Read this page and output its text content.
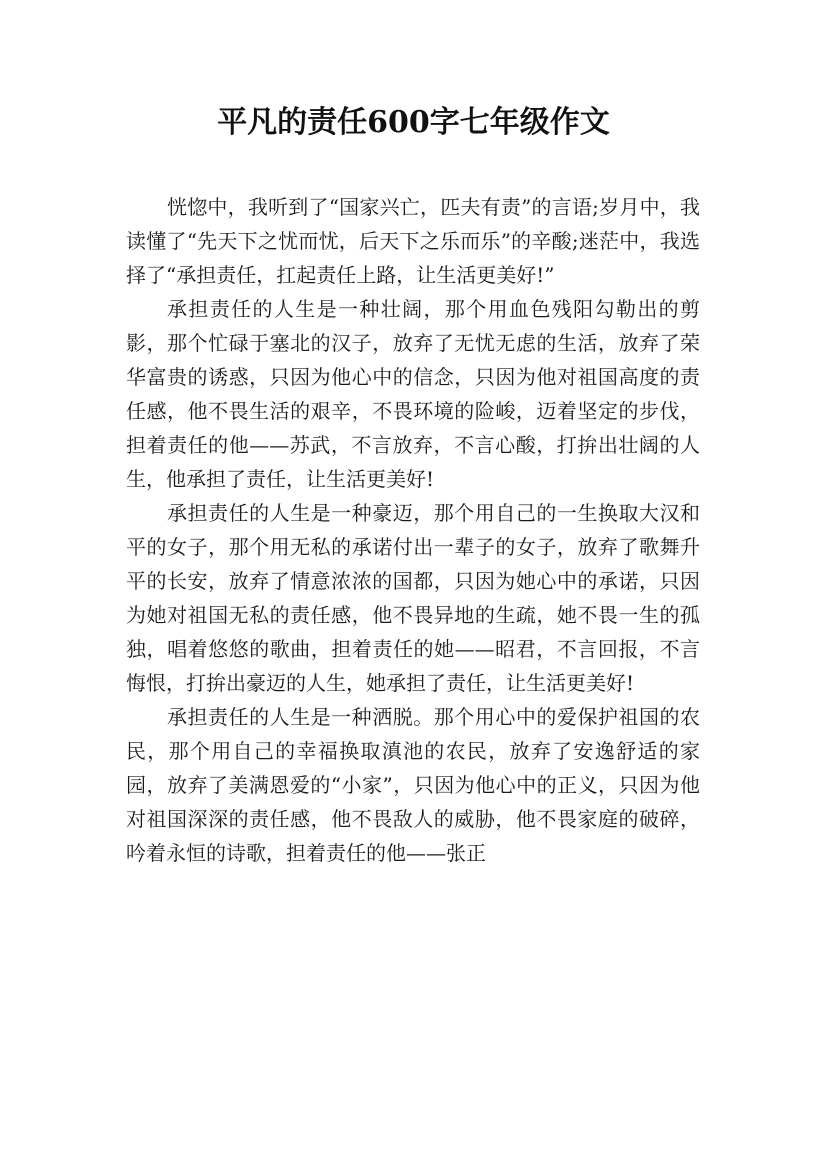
平凡的责任600字七年级作文

恍惚中，我听到了“国家兴亡，匹夫有责”的言语;岁月中，我读懂了“先天下之忧而忧，后天下之乐而乐”的辛酸;迷茫中，我选择了“承担责任，扛起责任上路，让生活更美好!”

承担责任的人生是一种壮阔，那个用血色残阳勾勒出的剪影，那个忙碌于塞北的汉子，放弃了无忧无虑的生活，放弃了荣华富贵的诱惑，只因为他心中的信念，只因为他对祖国高度的责任感，他不畏生活的艰辛，不畏环境的险峻，迈着坚定的步伐，担着责任的他——苏武，不言放弃，不言心酸，打拚出壮阔的人生，他承担了责任，让生活更美好!

承担责任的人生是一种豪迈，那个用自己的一生换取大汉和平的女子，那个用无私的承诺付出一辈子的女子，放弃了歌舞升平的长安，放弃了情意浓浓的国都，只因为她心中的承诺，只因为她对祖国无私的责任感，他不畏异地的生疏，她不畏一生的孤独，唱着悠悠的歌曲，担着责任的她——昭君，不言回报，不言悔恨，打拚出豪迈的人生，她承担了责任，让生活更美好!

承担责任的人生是一种洒脱。那个用心中的爱保护祖国的农民，那个用自己的幸福换取滇池的农民，放弃了安逸舒适的家园，放弃了美满恩爱的“小家”，只因为他心中的正义，只因为他对祖国深深的责任感，他不畏敌人的威胁，他不畏家庭的破碎，吟着永恒的诗歌，担着责任的他——张正
